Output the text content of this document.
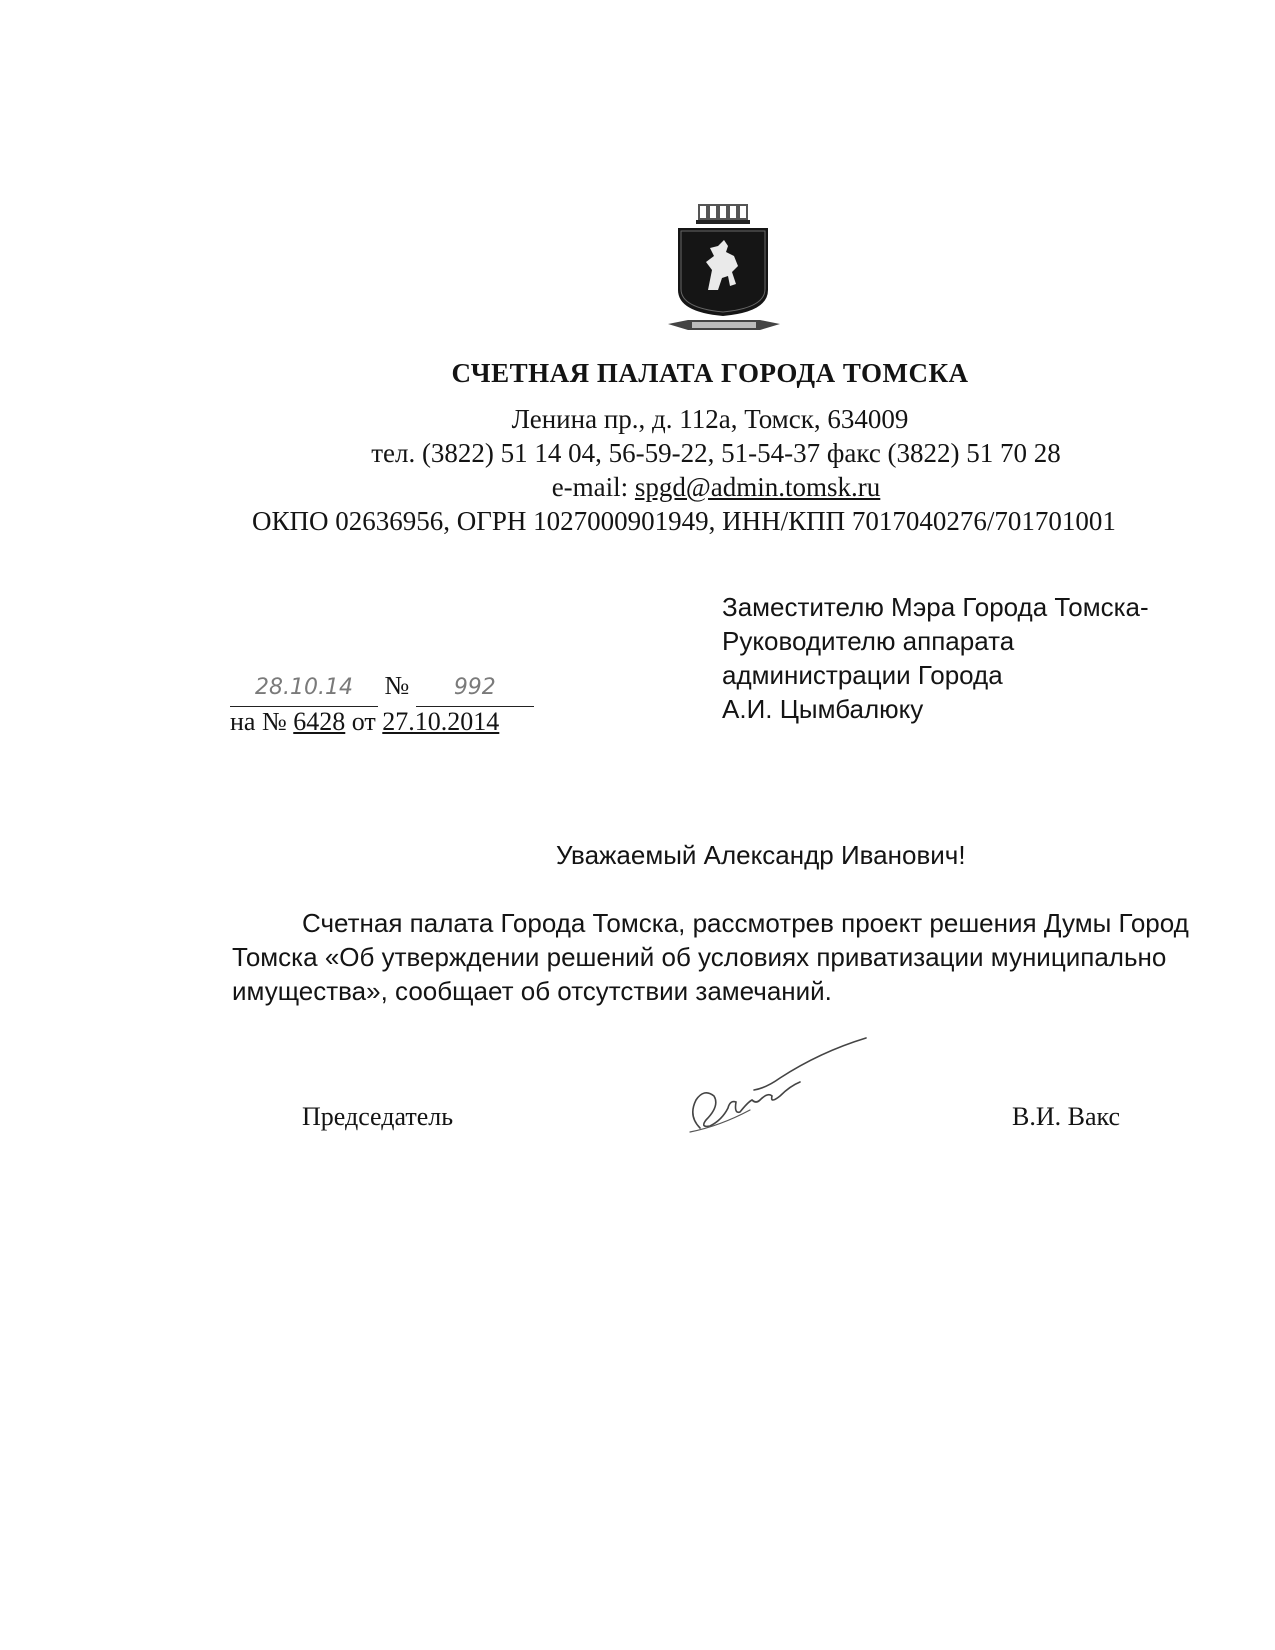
СЧЕТНАЯ ПАЛАТА ГОРОДА ТОМСКА
Ленина пр., д. 112а, Томск, 634009
тел. (3822) 51 14 04, 56-59-22, 51-54-37 факс (3822) 51 70 28
e-mail: spgd@admin.tomsk.ru
ОКПО 02636956, ОГРН 1027000901949, ИНН/КПП 7017040276/701701001
Заместителю Мэра Города Томска-
Руководителю аппарата
администрации Города
А.И. Цымбалюку
28.10.14 № 992
на № 6428 от 27.10.2014
Уважаемый Александр Иванович!
Счетная палата Города Томска, рассмотрев проект решения Думы Город
Томска «Об утверждении решений об условиях приватизации муниципально
имущества», сообщает об отсутствии замечаний.
Председатель	В.И. Вакс
